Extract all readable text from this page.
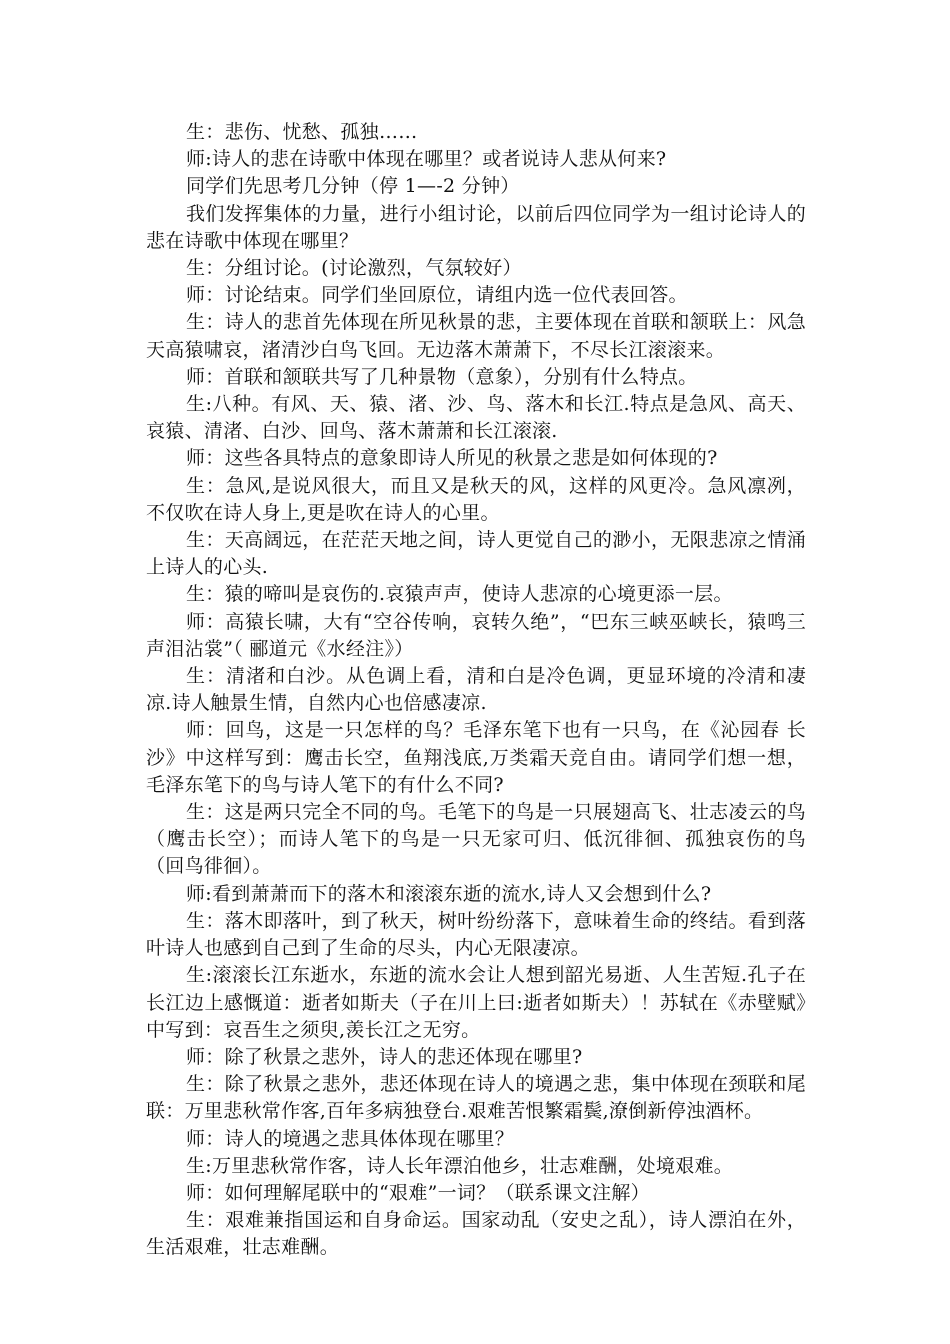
生：悲伤、忧愁、孤独……

师:诗人的悲在诗歌中体现在哪里？或者说诗人悲从何来?

同学们先思考几分钟（停 1—-2 分钟）

我们发挥集体的力量，进行小组讨论，以前后四位同学为一组讨论诗人的悲在诗歌中体现在哪里？

生：分组讨论。(讨论激烈，气氛较好）

师：讨论结束。同学们坐回原位，请组内选一位代表回答。

生：诗人的悲首先体现在所见秋景的悲，主要体现在首联和颔联上：风急天高猿啸哀，渚清沙白鸟飞回。无边落木萧萧下，不尽长江滚滚来。

师：首联和颔联共写了几种景物（意象），分别有什么特点。

生:八种。有风、天、猿、渚、沙、鸟、落木和长江.特点是急风、高天、哀猿、清渚、白沙、回鸟、落木萧萧和长江滚滚.

师：这些各具特点的意象即诗人所见的秋景之悲是如何体现的?

生：急风,是说风很大，而且又是秋天的风，这样的风更冷。急风凛冽，不仅吹在诗人身上,更是吹在诗人的心里。

生：天高阔远，在茫茫天地之间，诗人更觉自己的渺小，无限悲凉之情涌上诗人的心头.

生：猿的啼叫是哀伤的.哀猿声声，使诗人悲凉的心境更添一层。

师：高猿长啸，大有“空谷传响，哀转久绝”，“巴东三峡巫峡长，猿鸣三声泪沾裳”（ 郦道元《水经注》）

生：清渚和白沙。从色调上看，清和白是冷色调，更显环境的冷清和凄凉.诗人触景生情，自然内心也倍感凄凉.

师：回鸟，这是一只怎样的鸟？毛泽东笔下也有一只鸟，在《沁园春 长沙》中这样写到：鹰击长空，鱼翔浅底,万类霜天竞自由。请同学们想一想，毛泽东笔下的鸟与诗人笔下的有什么不同?

生：这是两只完全不同的鸟。毛笔下的鸟是一只展翅高飞、壮志凌云的鸟（鹰击长空）；而诗人笔下的鸟是一只无家可归、低沉徘徊、孤独哀伤的鸟（回鸟徘徊）。

师:看到萧萧而下的落木和滚滚东逝的流水,诗人又会想到什么?

生：落木即落叶，到了秋天，树叶纷纷落下，意味着生命的终结。看到落叶诗人也感到自己到了生命的尽头，内心无限凄凉。

生:滚滚长江东逝水，东逝的流水会让人想到韶光易逝、人生苦短.孔子在长江边上感慨道：逝者如斯夫（子在川上曰:逝者如斯夫）！苏轼在《赤壁赋》中写到：哀吾生之须臾,羡长江之无穷。

师：除了秋景之悲外，诗人的悲还体现在哪里?

生：除了秋景之悲外，悲还体现在诗人的境遇之悲，集中体现在颈联和尾联：万里悲秋常作客,百年多病独登台.艰难苦恨繁霜鬓,潦倒新停浊酒杯。

师：诗人的境遇之悲具体体现在哪里？

生:万里悲秋常作客，诗人长年漂泊他乡，壮志难酬，处境艰难。

师：如何理解尾联中的“艰难”一词？（联系课文注解）

生：艰难兼指国运和自身命运。国家动乱（安史之乱），诗人漂泊在外，生活艰难，壮志难酬。
